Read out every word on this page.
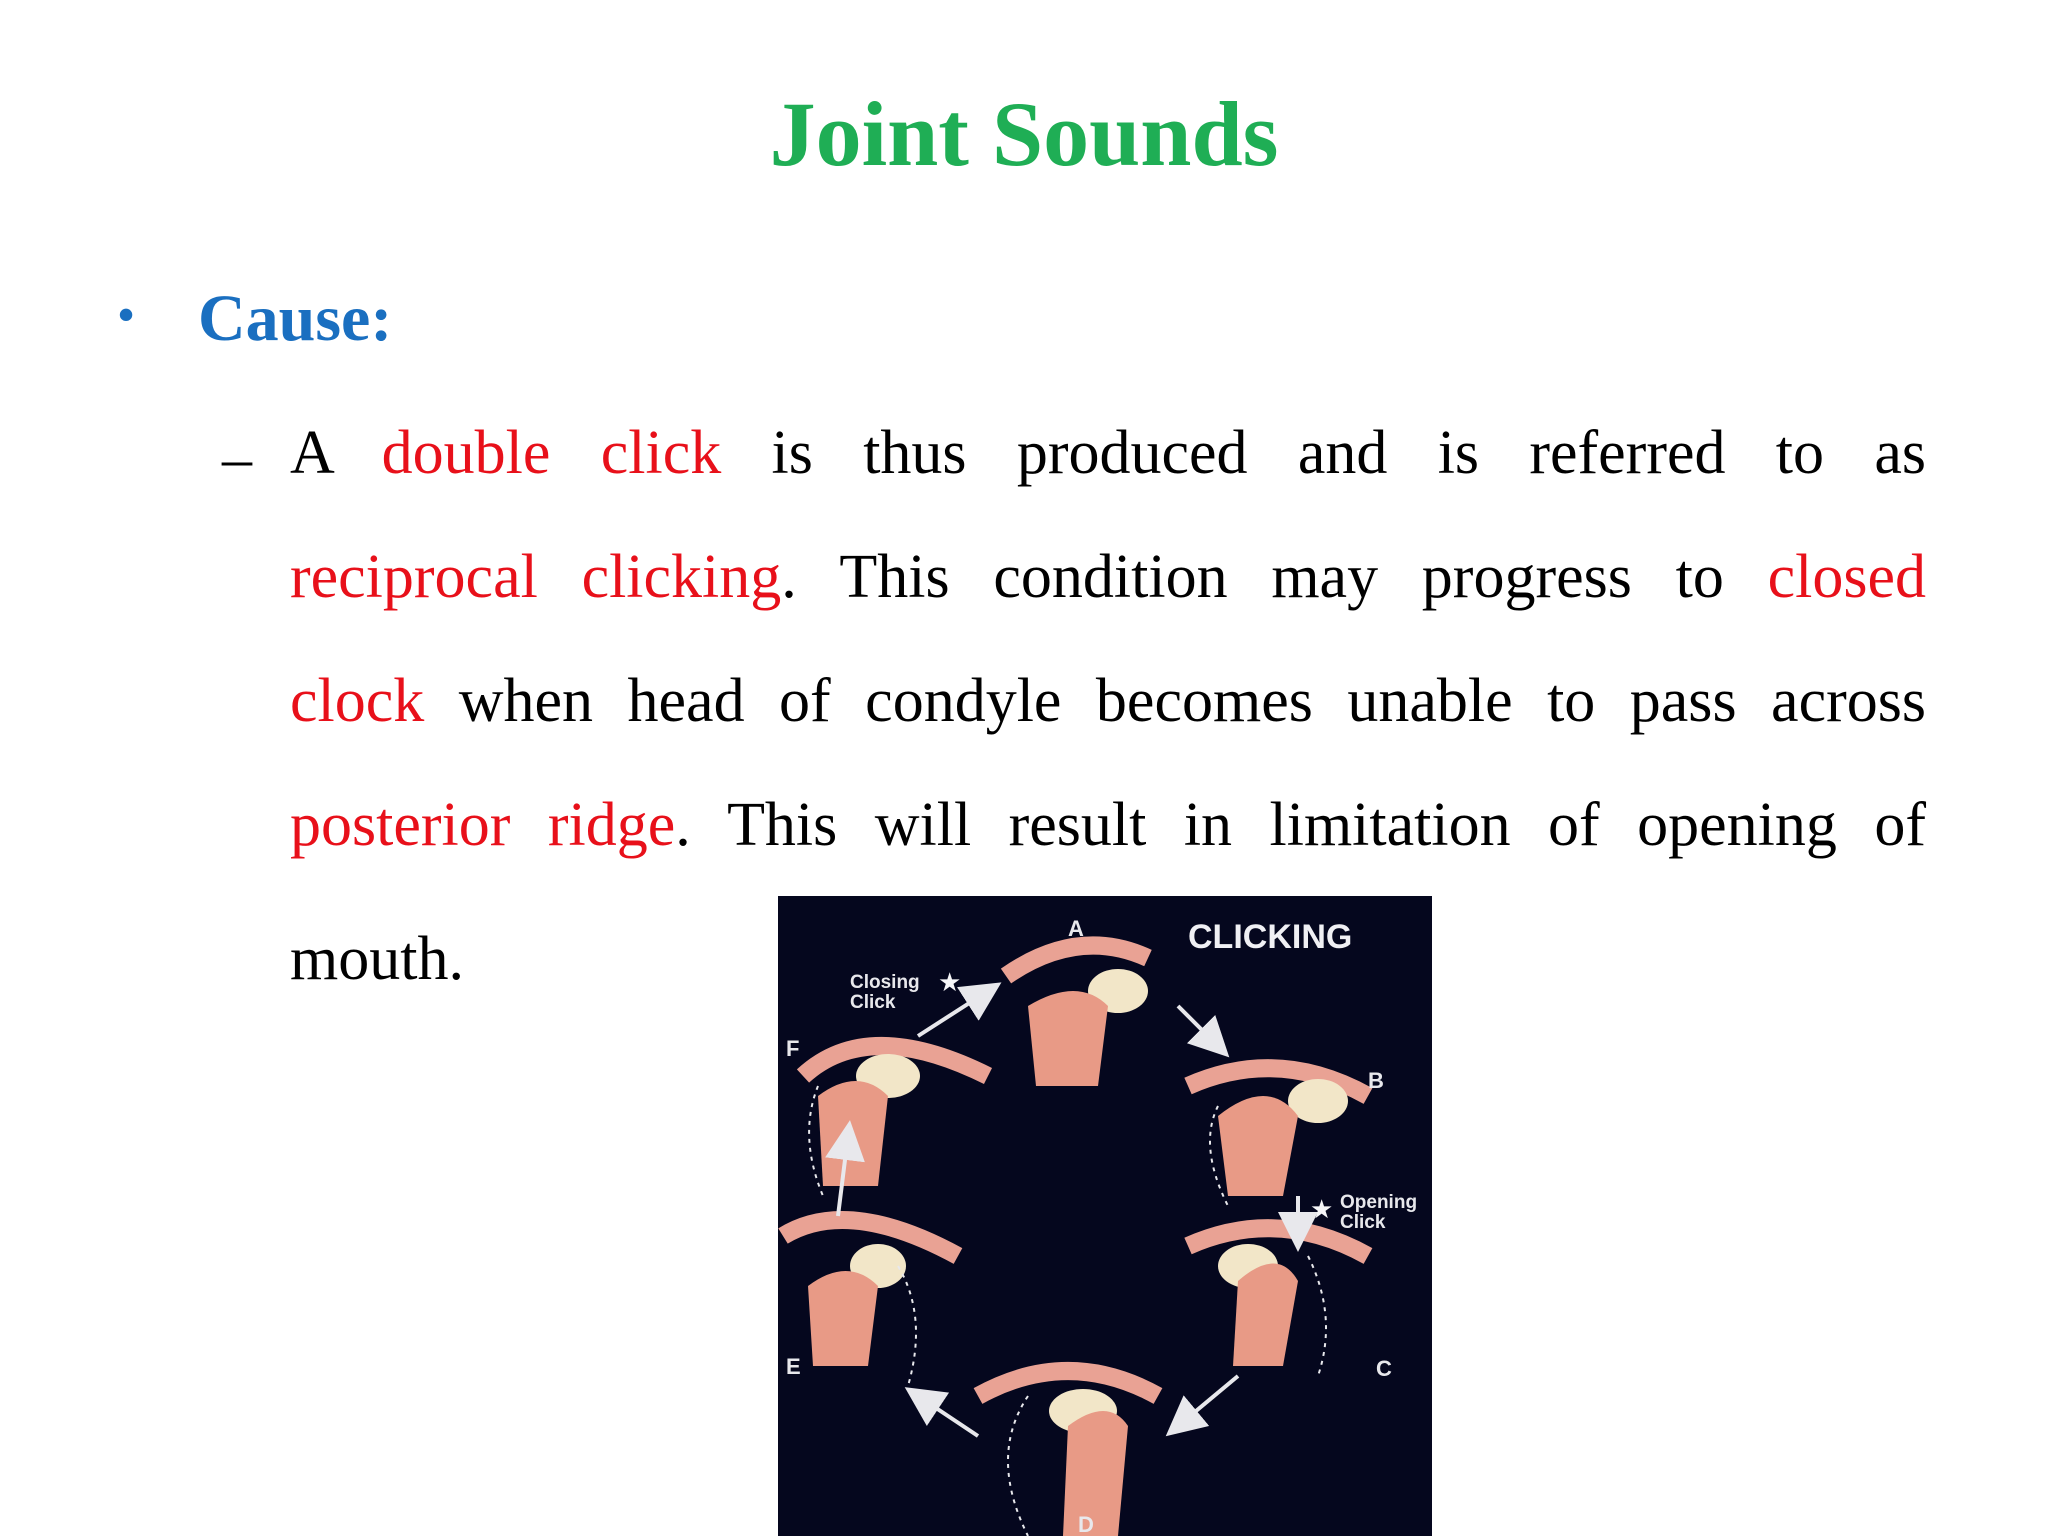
Joint Sounds
• Cause:
– A double click is thus produced and is referred to as

reciprocal clicking. This condition may progress to closed

clock when head of condyle becomes unable to pass across

posterior ridge. This will result in limitation of opening of

mouth.	CLICKING
A
B
C
D
E
F
★
Closing
Click
★ Opening
Click
